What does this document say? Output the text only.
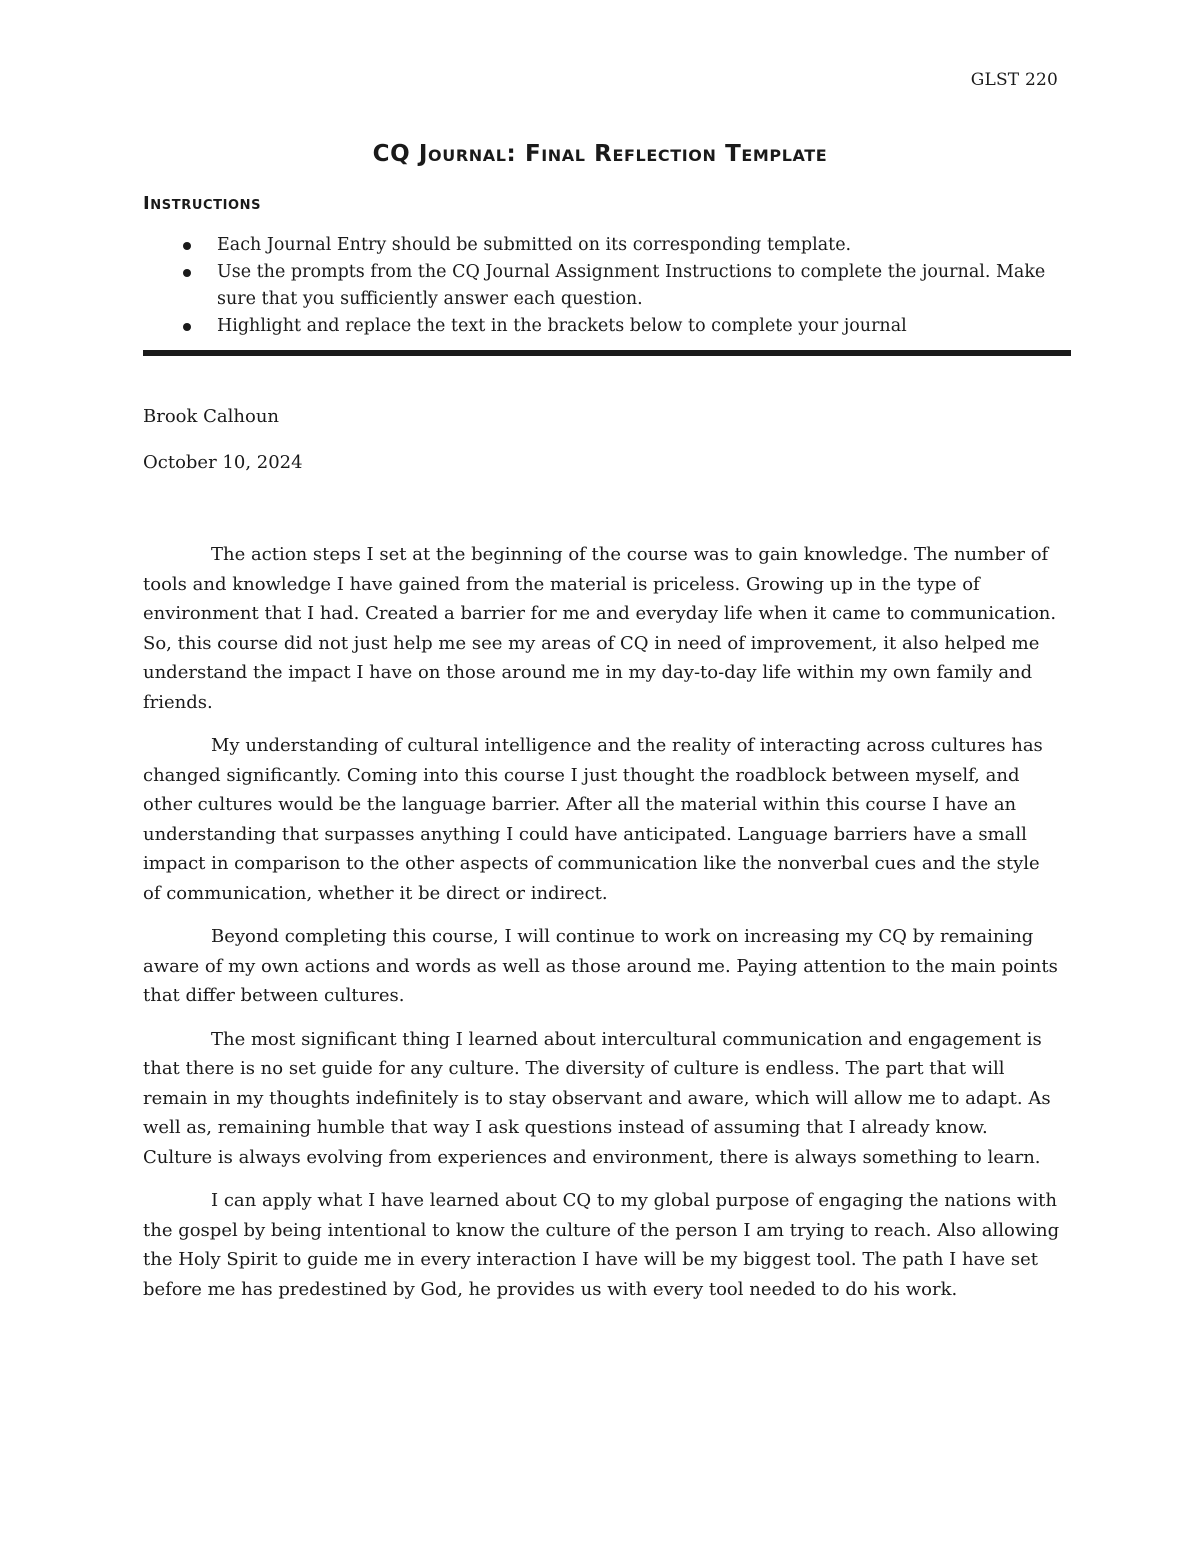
GLST 220
CQ Journal: Final Reflection Template
Instructions
Each Journal Entry should be submitted on its corresponding template.
Use the prompts from the CQ Journal Assignment Instructions to complete the journal. Make sure that you sufficiently answer each question.
Highlight and replace the text in the brackets below to complete your journal
Brook Calhoun
October 10, 2024

The action steps I set at the beginning of the course was to gain knowledge. The number of tools and knowledge I have gained from the material is priceless. Growing up in the type of environment that I had. Created a barrier for me and everyday life when it came to communication. So, this course did not just help me see my areas of CQ in need of improvement, it also helped me understand the impact I have on those around me in my day-to-day life within my own family and friends.

My understanding of cultural intelligence and the reality of interacting across cultures has changed significantly. Coming into this course I just thought the roadblock between myself, and other cultures would be the language barrier. After all the material within this course I have an understanding that surpasses anything I could have anticipated. Language barriers have a small impact in comparison to the other aspects of communication like the nonverbal cues and the style of communication, whether it be direct or indirect.

Beyond completing this course, I will continue to work on increasing my CQ by remaining aware of my own actions and words as well as those around me. Paying attention to the main points that differ between cultures.

The most significant thing I learned about intercultural communication and engagement is that there is no set guide for any culture. The diversity of culture is endless. The part that will remain in my thoughts indefinitely is to stay observant and aware, which will allow me to adapt. As well as, remaining humble that way I ask questions instead of assuming that I already know. Culture is always evolving from experiences and environment, there is always something to learn.

I can apply what I have learned about CQ to my global purpose of engaging the nations with the gospel by being intentional to know the culture of the person I am trying to reach. Also allowing the Holy Spirit to guide me in every interaction I have will be my biggest tool. The path I have set before me has predestined by God, he provides us with every tool needed to do his work.
